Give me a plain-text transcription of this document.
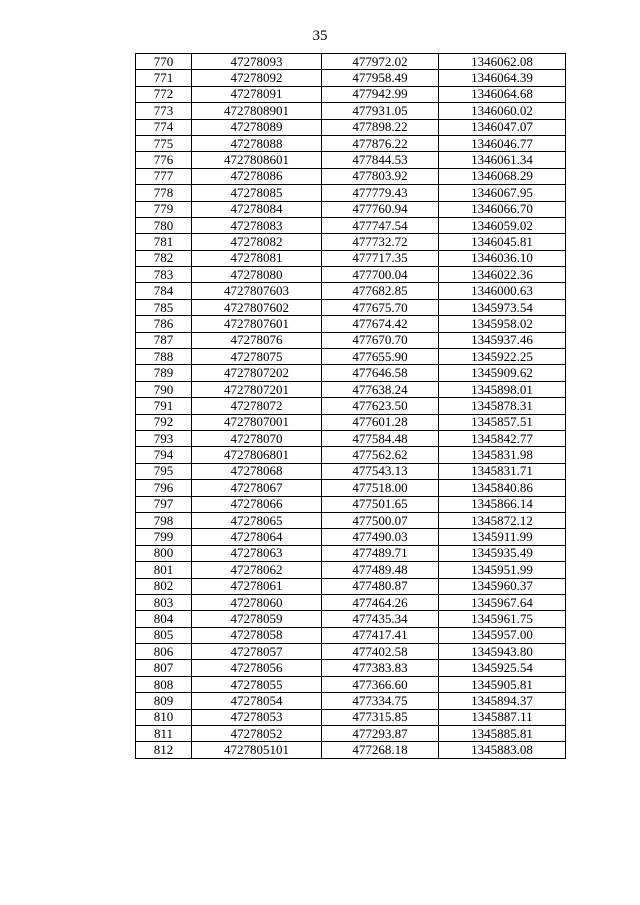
35
770	47278093	477972.02	1346062.08
771	47278092	477958.49	1346064.39
772	47278091	477942.99	1346064.68
773	4727808901	477931.05	1346060.02
774	47278089	477898.22	1346047.07
775	47278088	477876.22	1346046.77
776	4727808601	477844.53	1346061.34
777	47278086	477803.92	1346068.29
778	47278085	477779.43	1346067.95
779	47278084	477760.94	1346066.70
780	47278083	477747.54	1346059.02
781	47278082	477732.72	1346045.81
782	47278081	477717.35	1346036.10
783	47278080	477700.04	1346022.36
784	4727807603	477682.85	1346000.63
785	4727807602	477675.70	1345973.54
786	4727807601	477674.42	1345958.02
787	47278076	477670.70	1345937.46
788	47278075	477655.90	1345922.25
789	4727807202	477646.58	1345909.62
790	4727807201	477638.24	1345898.01
791	47278072	477623.50	1345878.31
792	4727807001	477601.28	1345857.51
793	47278070	477584.48	1345842.77
794	4727806801	477562.62	1345831.98
795	47278068	477543.13	1345831.71
796	47278067	477518.00	1345840.86
797	47278066	477501.65	1345866.14
798	47278065	477500.07	1345872.12
799	47278064	477490.03	1345911.99
800	47278063	477489.71	1345935.49
801	47278062	477489.48	1345951.99
802	47278061	477480.87	1345960.37
803	47278060	477464.26	1345967.64
804	47278059	477435.34	1345961.75
805	47278058	477417.41	1345957.00
806	47278057	477402.58	1345943.80
807	47278056	477383.83	1345925.54
808	47278055	477366.60	1345905.81
809	47278054	477334.75	1345894.37
810	47278053	477315.85	1345887.11
811	47278052	477293.87	1345885.81
812	4727805101	477268.18	1345883.08
